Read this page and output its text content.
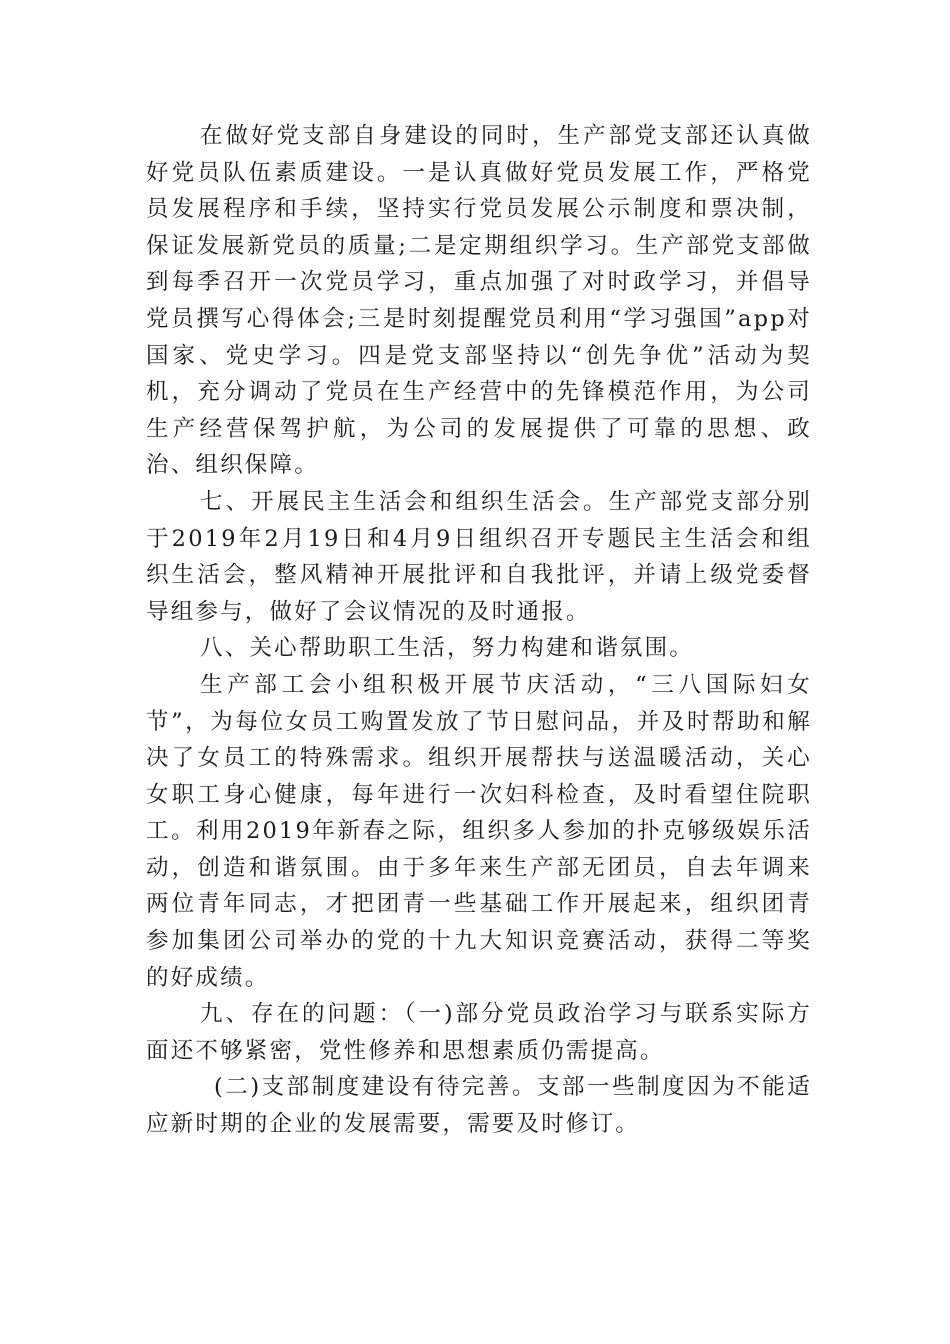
在做好党支部自身建设的同时，生产部党支部还认真做好党员队伍素质建设。一是认真做好党员发展工作，严格党员发展程序和手续，坚持实行党员发展公示制度和票决制，保证发展新党员的质量;二是定期组织学习。生产部党支部做到每季召开一次党员学习，重点加强了对时政学习，并倡导党员撰写心得体会;三是时刻提醒党员利用“学习强国”app对国家、党史学习。四是党支部坚持以“创先争优”活动为契机，充分调动了党员在生产经营中的先锋模范作用，为公司生产经营保驾护航，为公司的发展提供了可靠的思想、政治、组织保障。

七、开展民主生活会和组织生活会。生产部党支部分别于2019年2月19日和4月9日组织召开专题民主生活会和组织生活会，整风精神开展批评和自我批评，并请上级党委督导组参与，做好了会议情况的及时通报。

八、关心帮助职工生活，努力构建和谐氛围。

生产部工会小组积极开展节庆活动，“三八国际妇女节”，为每位女员工购置发放了节日慰问品，并及时帮助和解决了女员工的特殊需求。组织开展帮扶与送温暖活动，关心女职工身心健康，每年进行一次妇科检查，及时看望住院职工。利用2019年新春之际，组织多人参加的扑克够级娱乐活动，创造和谐氛围。由于多年来生产部无团员，自去年调来两位青年同志，才把团青一些基础工作开展起来，组织团青参加集团公司举办的党的十九大知识竞赛活动，获得二等奖的好成绩。

九、存在的问题：（一)部分党员政治学习与联系实际方面还不够紧密，党性修养和思想素质仍需提高。

(二)支部制度建设有待完善。支部一些制度因为不能适应新时期的企业的发展需要，需要及时修订。
